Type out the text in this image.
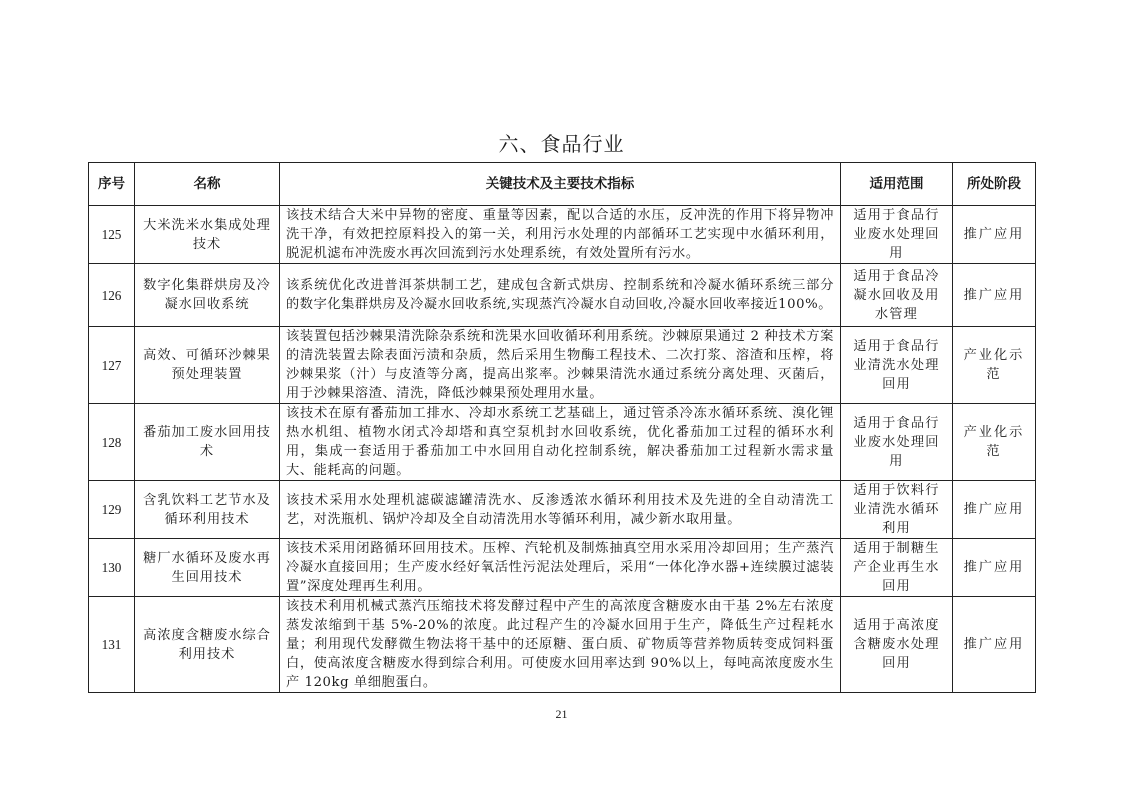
六、食品行业
序号	名称	关键技术及主要技术指标	适用范围	所处阶段
125	大米洗米水集成处理技术	该技术结合大米中异物的密度、重量等因素，配以合适的水压，反冲洗的作用下将异物冲洗干净，有效把控原料投入的第一关，利用污水处理的内部循环工艺实现中水循环利用，脱泥机滤布冲洗废水再次回流到污水处理系统，有效处置所有污水。	适用于食品行业废水处理回用	推广应用
126	数字化集群烘房及冷凝水回收系统	该系统优化改进普洱茶烘制工艺，建成包含新式烘房、控制系统和冷凝水循环系统三部分的数字化集群烘房及冷凝水回收系统,实现蒸汽冷凝水自动回收,冷凝水回收率接近100%。	适用于食品冷凝水回收及用水管理	推广应用
127	高效、可循环沙棘果预处理装置	该装置包括沙棘果清洗除杂系统和洗果水回收循环利用系统。沙棘原果通过 2 种技术方案的清洗装置去除表面污渍和杂质，然后采用生物酶工程技术、二次打浆、溶渣和压榨，将沙棘果浆（汁）与皮渣等分离，提高出浆率。沙棘果清洗水通过系统分离处理、灭菌后，用于沙棘果溶渣、清洗，降低沙棘果预处理用水量。	适用于食品行业清洗水处理回用	产业化示范
128	番茄加工废水回用技术	该技术在原有番茄加工排水、冷却水系统工艺基础上，通过管杀冷冻水循环系统、溴化锂热水机组、植物水闭式冷却塔和真空泵机封水回收系统，优化番茄加工过程的循环水利用，集成一套适用于番茄加工中水回用自动化控制系统，解决番茄加工过程新水需求量大、能耗高的问题。	适用于食品行业废水处理回用	产业化示范
129	含乳饮料工艺节水及循环利用技术	该技术采用水处理机滤碳滤罐清洗水、反渗透浓水循环利用技术及先进的全自动清洗工艺，对洗瓶机、锅炉冷却及全自动清洗用水等循环利用，减少新水取用量。	适用于饮料行业清洗水循环利用	推广应用
130	糖厂水循环及废水再生回用技术	该技术采用闭路循环回用技术。压榨、汽轮机及制炼抽真空用水采用冷却回用；生产蒸汽冷凝水直接回用；生产废水经好氧活性污泥法处理后，采用“一体化净水器+连续膜过滤装置”深度处理再生利用。	适用于制糖生产企业再生水回用	推广应用
131	高浓度含糖废水综合利用技术	该技术利用机械式蒸汽压缩技术将发酵过程中产生的高浓度含糖废水由干基 2%左右浓度蒸发浓缩到干基 5%-20%的浓度。此过程产生的冷凝水回用于生产，降低生产过程耗水量；利用现代发酵微生物法将干基中的还原糖、蛋白质、矿物质等营养物质转变成饲料蛋白，使高浓度含糖废水得到综合利用。可使废水回用率达到 90%以上，每吨高浓度废水生产 120kg 单细胞蛋白。	适用于高浓度含糖废水处理回用	推广应用
21
